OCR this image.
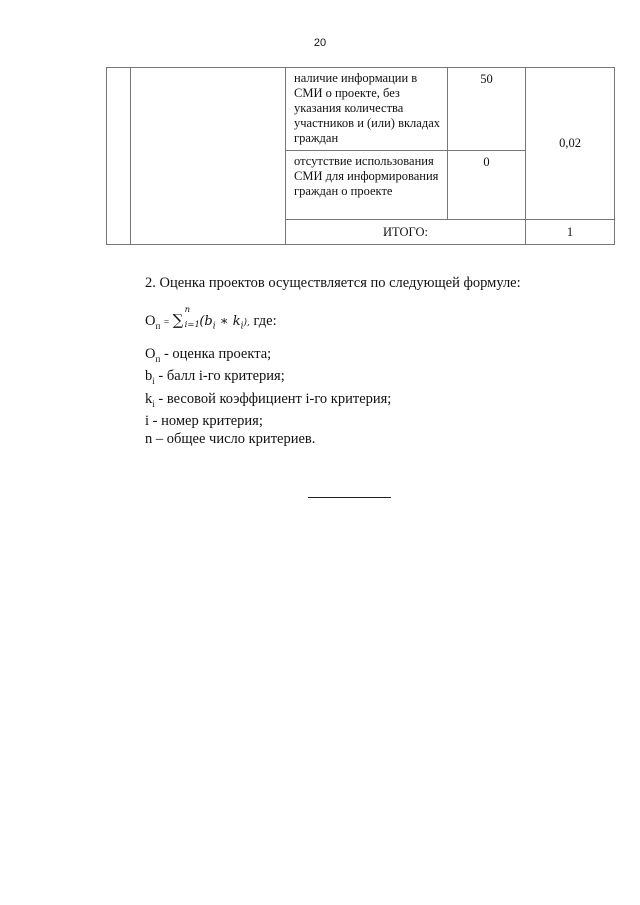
20
		наличие информации в СМИ о проекте, без указания количества участников и (или) вкладах граждан	50	0,02
		отсутствие использования СМИ для информирования граждан о проекте	0	
		ИТОГО:		1
2. Оценка проектов осуществляется по следующей формуле:
$О_п$ = ∑
n
i=1 ($b_i$ ∗ $k_i$), где:
$О_п$ - оценка проекта;
$b_i$ - балл i-го критерия;
$k_i$ - весовой коэффициент i-го критерия;
i - номер критерия;
n – общее число критериев.
